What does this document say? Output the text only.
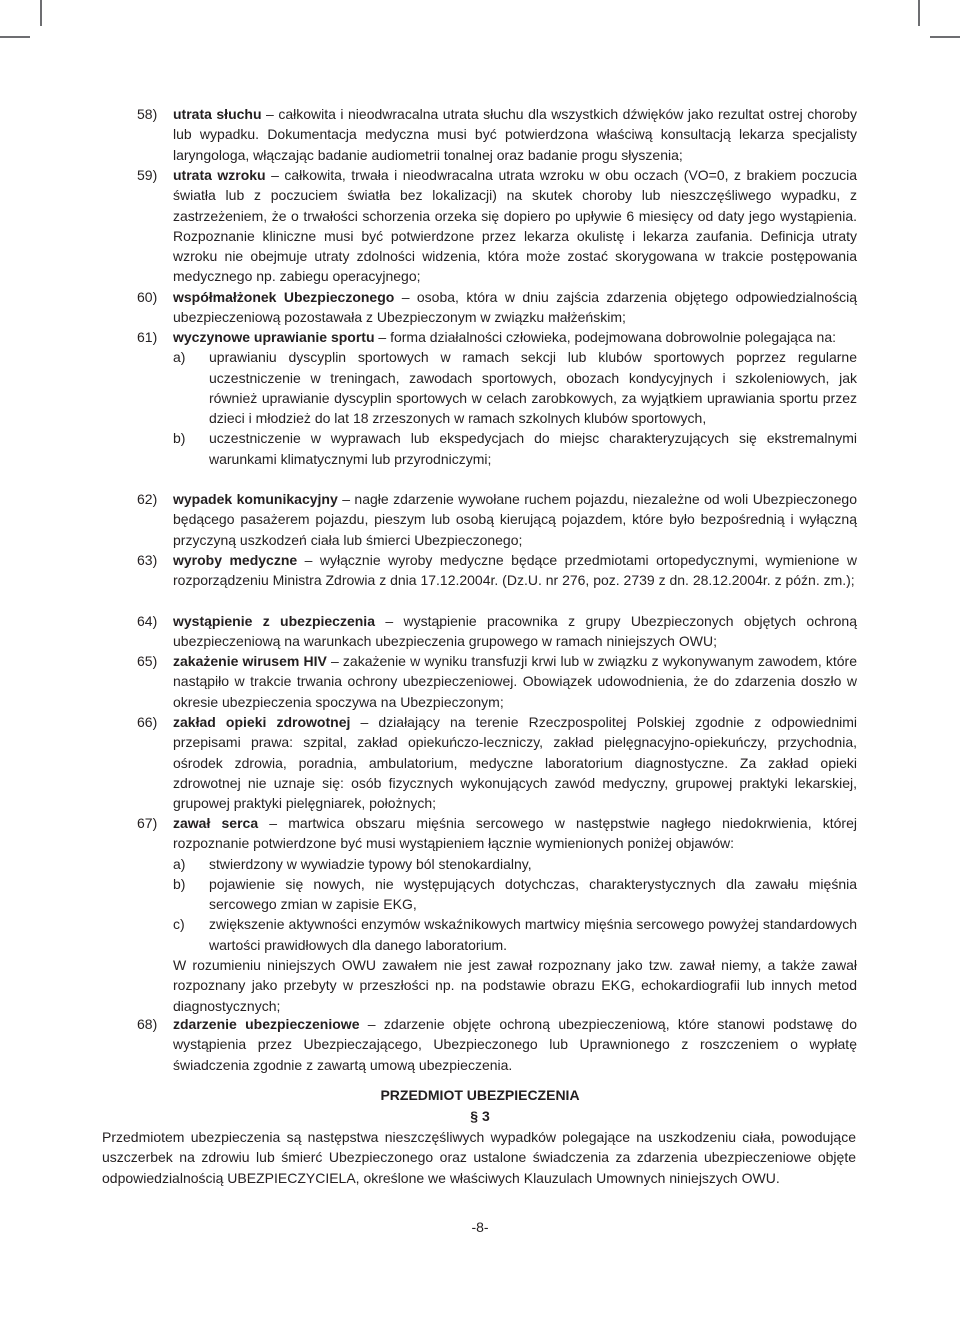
58) utrata słuchu – całkowita i nieodwracalna utrata słuchu dla wszystkich dźwięków jako rezultat ostrej choroby lub wypadku. Dokumentacja medyczna musi być potwierdzona właściwą konsultacją lekarza specjalisty laryngologa, włączając badanie audiometrii tonalnej oraz badanie progu słyszenia;
59) utrata wzroku – całkowita, trwała i nieodwracalna utrata wzroku w obu oczach (VO=0, z brakiem poczucia światła lub z poczuciem światła bez lokalizacji) na skutek choroby lub nieszczęśliwego wypadku, z zastrzeżeniem, że o trwałości schorzenia orzeka się dopiero po upływie 6 miesięcy od daty jego wystąpienia. Rozpoznanie kliniczne musi być potwierdzone przez lekarza okulistę i lekarza zaufania. Definicja utraty wzroku nie obejmuje utraty zdolności widzenia, która może zostać skorygowana w trakcie postępowania medycznego np. zabiegu operacyjnego;
60) współmałżonek Ubezpieczonego – osoba, która w dniu zajścia zdarzenia objętego odpowiedzialnością ubezpieczeniową pozostawała z Ubezpieczonym w związku małżeńskim;
61) wyczynowe uprawianie sportu – forma działalności człowieka, podejmowana dobrowolnie polegająca na:
a) uprawianiu dyscyplin sportowych w ramach sekcji lub klubów sportowych poprzez regularne uczestniczenie w treningach, zawodach sportowych, obozach kondycyjnych i szkoleniowych, jak również uprawianie dyscyplin sportowych w celach zarobkowych, za wyjątkiem uprawiania sportu przez dzieci i młodzież do lat 18 zrzeszonych w ramach szkolnych klubów sportowych,
b) uczestniczenie w wyprawach lub ekspedycjach do miejsc charakteryzujących się ekstremalnymi warunkami klimatycznymi lub przyrodniczymi;
62) wypadek komunikacyjny – nagłe zdarzenie wywołane ruchem pojazdu, niezależne od woli Ubezpieczonego będącego pasażerem pojazdu, pieszym lub osobą kierującą pojazdem, które było bezpośrednią i wyłączną przyczyną uszkodzeń ciała lub śmierci Ubezpieczonego;
63) wyroby medyczne – wyłącznie wyroby medyczne będące przedmiotami ortopedycznymi, wymienione w rozporządzeniu Ministra Zdrowia z dnia 17.12.2004r. (Dz.U. nr 276, poz. 2739 z dn. 28.12.2004r. z późn. zm.);
64) wystąpienie z ubezpieczenia – wystąpienie pracownika z grupy Ubezpieczonych objętych ochroną ubezpieczeniową na warunkach ubezpieczenia grupowego w ramach niniejszych OWU;
65) zakażenie wirusem HIV – zakażenie w wyniku transfuzji krwi lub w związku z wykonywanym zawodem, które nastąpiło w trakcie trwania ochrony ubezpieczeniowej. Obowiązek udowodnienia, że do zdarzenia doszło w okresie ubezpieczenia spoczywa na Ubezpieczonym;
66) zakład opieki zdrowotnej – działający na terenie Rzeczpospolitej Polskiej zgodnie z odpowiednimi przepisami prawa: szpital, zakład opiekuńczo-leczniczy, zakład pielęgnacyjno-opiekuńczy, przychodnia, ośrodek zdrowia, poradnia, ambulatorium, medyczne laboratorium diagnostyczne. Za zakład opieki zdrowotnej nie uznaje się: osób fizycznych wykonujących zawód medyczny, grupowej praktyki lekarskiej, grupowej praktyki pielęgniarek, położnych;
67) zawał serca – martwica obszaru mięśnia sercowego w następstwie nagłego niedokrwienia, której rozpoznanie potwierdzone być musi wystąpieniem łącznie wymienionych poniżej objawów:
a) stwierdzony w wywiadzie typowy ból stenokardialny,
b) pojawienie się nowych, nie występujących dotychczas, charakterystycznych dla zawału mięśnia sercowego zmian w zapisie EKG,
c) zwiększenie aktywności enzymów wskaźnikowych martwicy mięśnia sercowego powyżej standardowych wartości prawidłowych dla danego laboratorium.
W rozumieniu niniejszych OWU zawałem nie jest zawał rozpoznany jako tzw. zawał niemy, a także zawał rozpoznany jako przebyty w przeszłości np. na podstawie obrazu EKG, echokardiografii lub innych metod diagnostycznych;
68) zdarzenie ubezpieczeniowe – zdarzenie objęte ochroną ubezpieczeniową, które stanowi podstawę do wystąpienia przez Ubezpieczającego, Ubezpieczonego lub Uprawnionego z roszczeniem o wypłatę świadczenia zgodnie z zawartą umową ubezpieczenia.
PRZEDMIOT UBEZPIECZENIA
§ 3
Przedmiotem ubezpieczenia są następstwa nieszczęśliwych wypadków polegające na uszkodzeniu ciała, powodujące uszczerbek na zdrowiu lub śmierć Ubezpieczonego oraz ustalone świadczenia za zdarzenia ubezpieczeniowe objęte odpowiedzialnością UBEZPIECZYCIELA, określone we właściwych Klauzulach Umownych niniejszych OWU.
-8-
